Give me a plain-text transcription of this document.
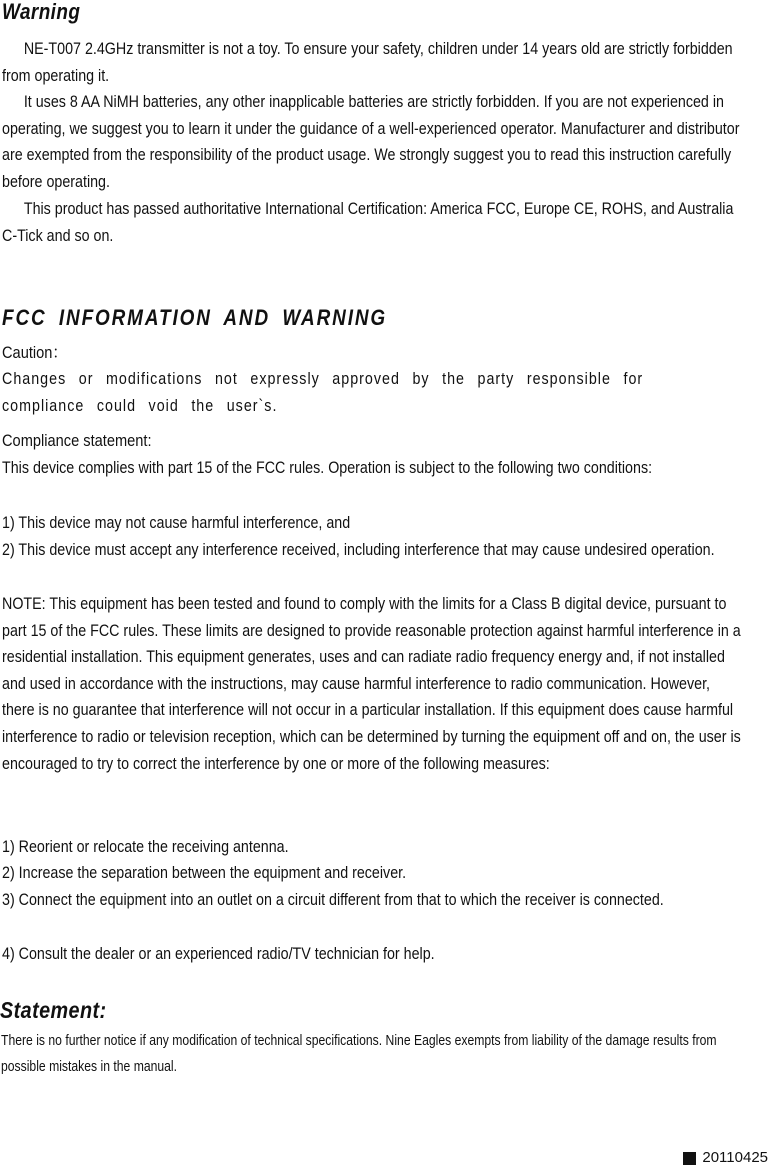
Warning
NE-T007 2.4GHz transmitter is not a toy. To ensure your safety, children under 14 years old are strictly forbidden from operating it.
It uses 8 AA NiMH batteries, any other inapplicable batteries are strictly forbidden. If you are not experienced in operating, we suggest you to learn it under the guidance of a well-experienced operator. Manufacturer and distributor are exempted from the responsibility of the product usage. We strongly suggest you to read this instruction carefully before operating.
This product has passed authoritative International Certification: America FCC, Europe CE, ROHS, and Australia C-Tick and so on.
FCC INFORMATION AND WARNING
Caution：
Changes or modifications not expressly approved by the party responsible for compliance could void the user`s.
Compliance statement:
This device complies with part 15 of the FCC rules. Operation is subject to the following two conditions:
1) This device may not cause harmful interference, and
2) This device must accept any interference received, including interference that may cause undesired operation.
NOTE: This equipment has been tested and found to comply with the limits for a Class B digital device, pursuant to part 15 of the FCC rules. These limits are designed to provide reasonable protection against harmful interference in a residential installation. This equipment generates, uses and can radiate radio frequency energy and, if not installed and used in accordance with the instructions, may cause harmful interference to radio communication. However, there is no guarantee that interference will not occur in a particular installation. If this equipment does cause harmful interference to radio or television reception, which can be determined by turning the equipment off and on, the user is encouraged to try to correct the interference by one or more of the following measures:
1) Reorient or relocate the receiving antenna.
2) Increase the separation between the equipment and receiver.
3) Connect the equipment into an outlet on a circuit different from that to which the receiver is connected.
4) Consult the dealer or an experienced radio/TV technician for help.
Statement:
There is no further notice if any modification of technical specifications. Nine Eagles exempts from liability of the damage results from possible mistakes in the manual.
20110425
